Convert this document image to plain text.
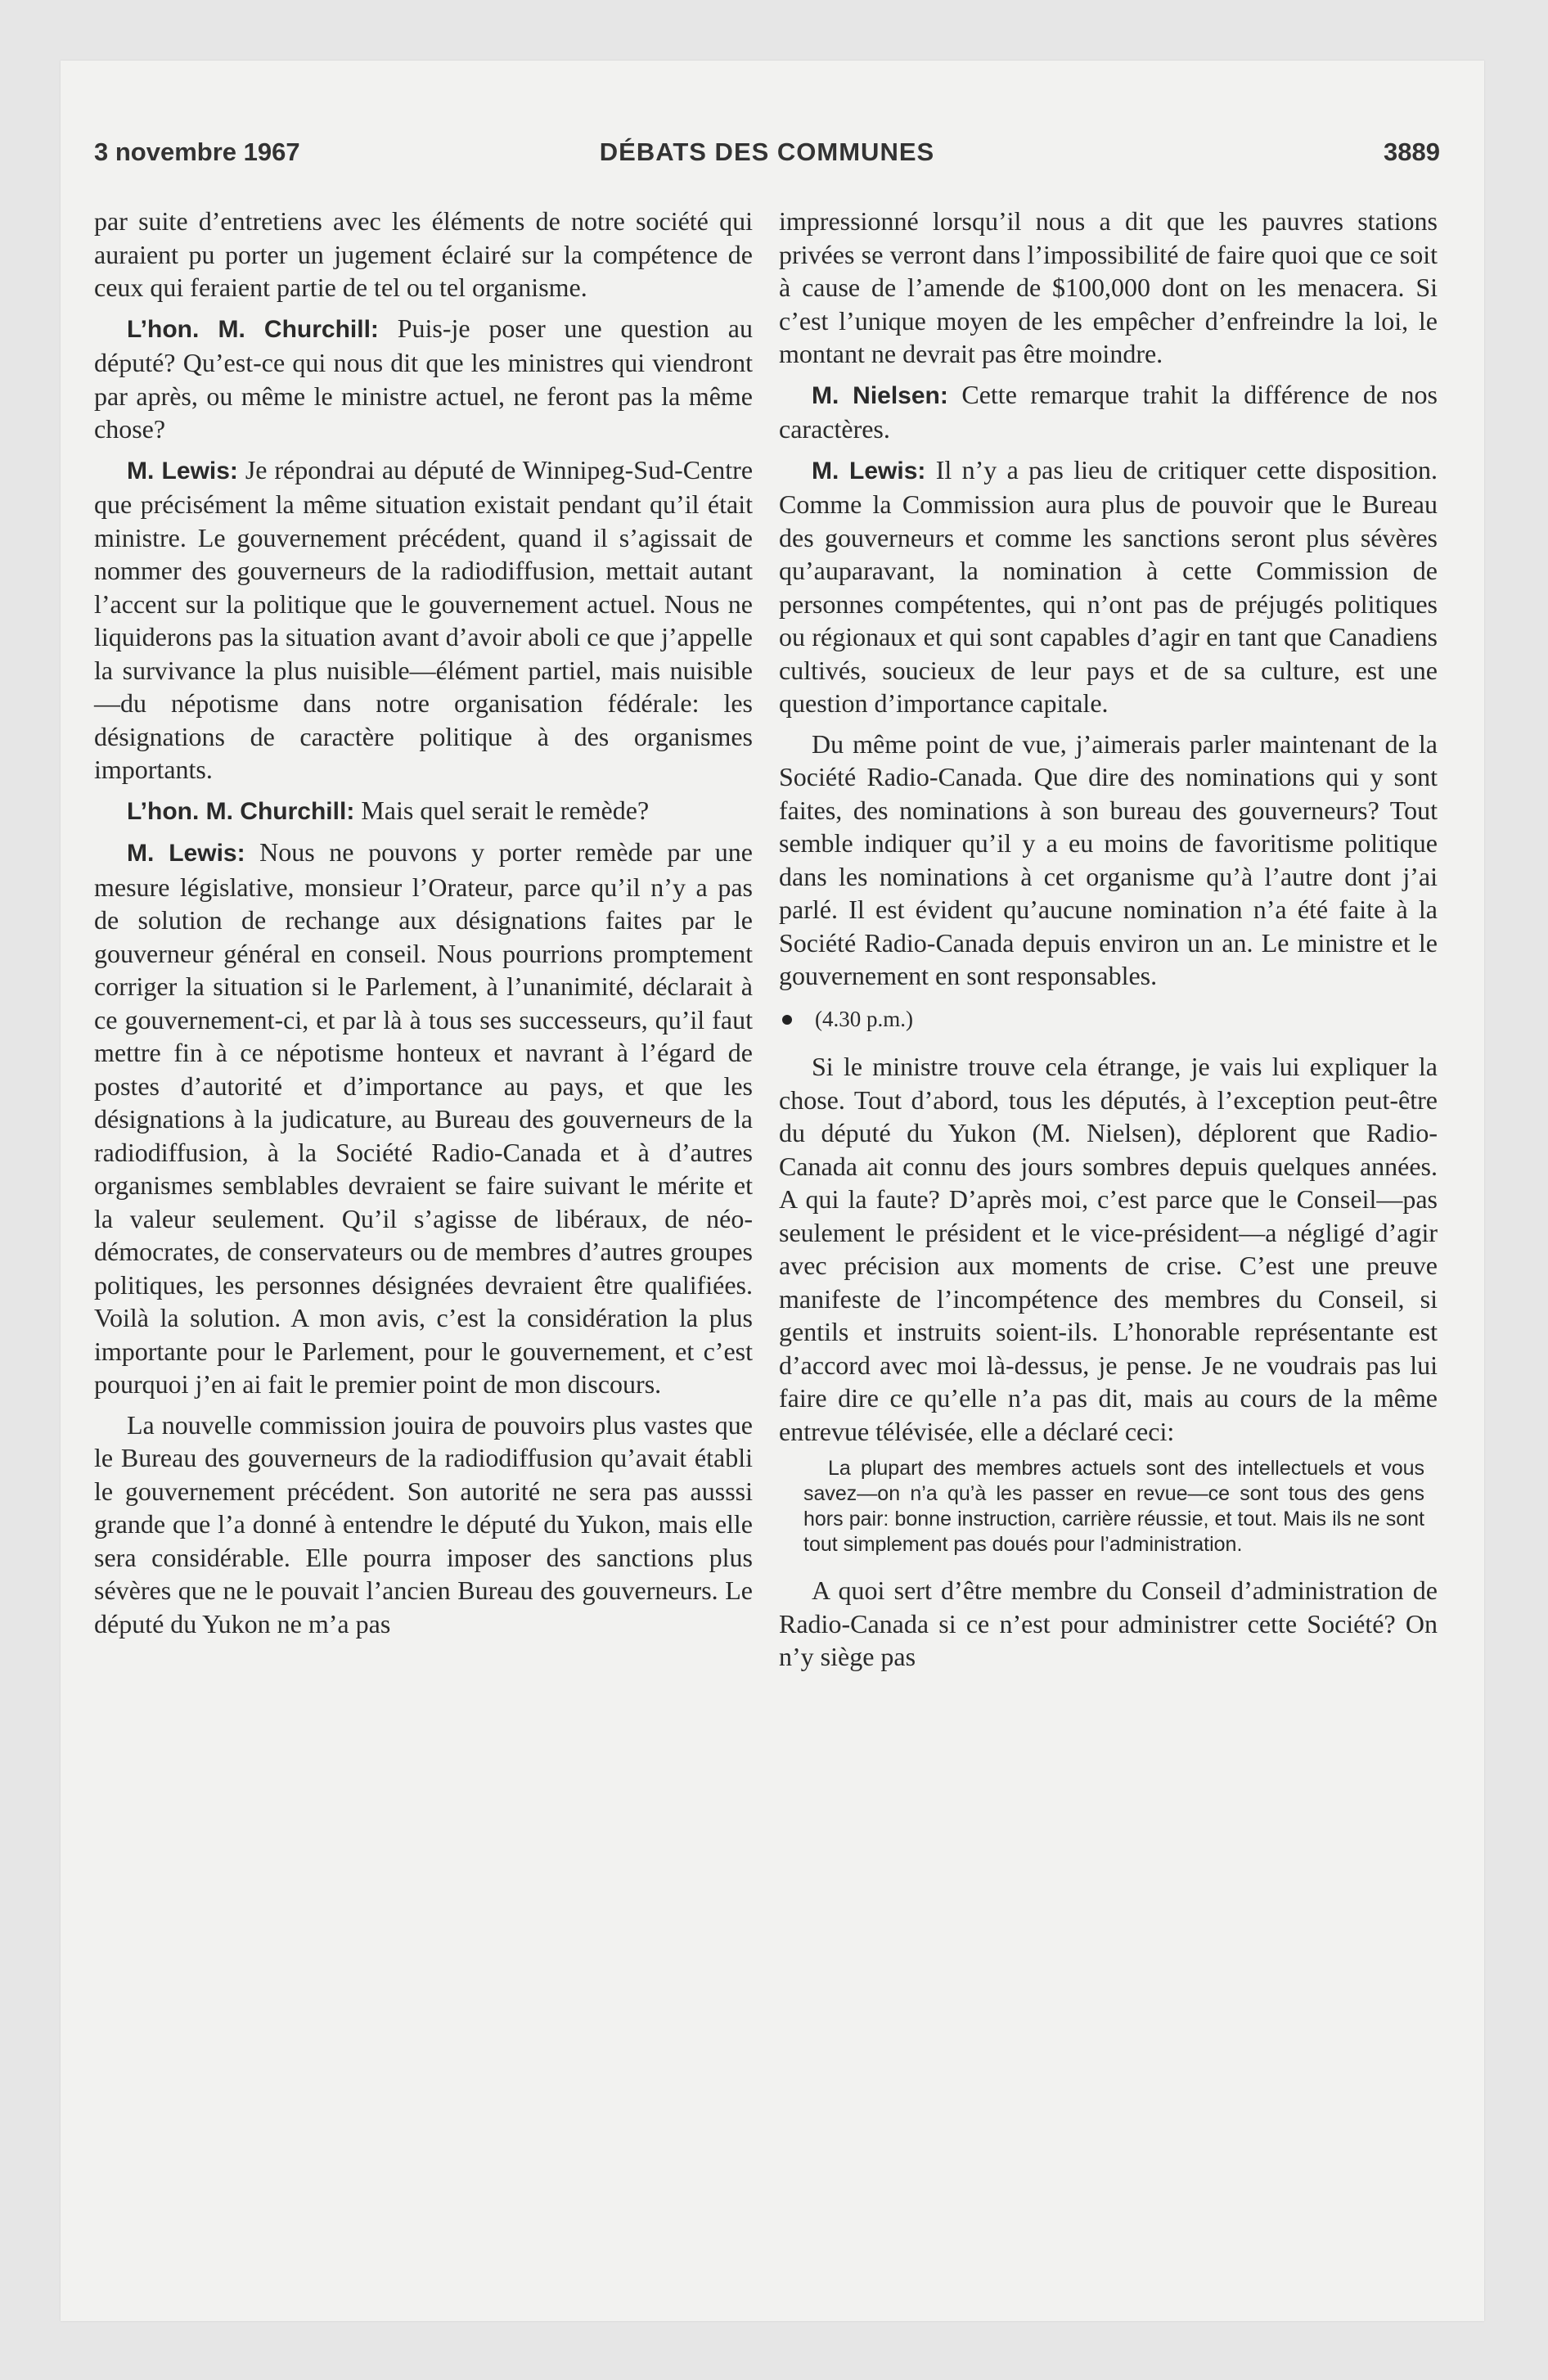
3 novembre 1967	DÉBATS DES COMMUNES	3889

par suite d’entretiens avec les éléments de notre société qui auraient pu porter un jugement éclairé sur la compétence de ceux qui feraient partie de tel ou tel organisme.

L’hon. M. Churchill: Puis-je poser une question au député? Qu’est-ce qui nous dit que les ministres qui viendront par après, ou même le ministre actuel, ne feront pas la même chose?

M. Lewis: Je répondrai au député de Winnipeg-Sud-Centre que précisément la même situation existait pendant qu’il était ministre. Le gouvernement précédent, quand il s’agissait de nommer des gouverneurs de la radiodiffusion, mettait autant l’accent sur la politique que le gouvernement actuel. Nous ne liquiderons pas la situation avant d’avoir aboli ce que j’appelle la survivance la plus nuisible—élément partiel, mais nuisible—du népotisme dans notre organisation fédérale: les désignations de caractère politique à des organismes importants.

L’hon. M. Churchill: Mais quel serait le remède?

M. Lewis: Nous ne pouvons y porter remède par une mesure législative, monsieur l’Orateur, parce qu’il n’y a pas de solution de rechange aux désignations faites par le gouverneur général en conseil. Nous pourrions promptement corriger la situation si le Parlement, à l’unanimité, déclarait à ce gouvernement-ci, et par là à tous ses successeurs, qu’il faut mettre fin à ce népotisme honteux et navrant à l’égard de postes d’autorité et d’importance au pays, et que les désignations à la judicature, au Bureau des gouverneurs de la radiodiffusion, à la Société Radio-Canada et à d’autres organismes semblables devraient se faire suivant le mérite et la valeur seulement. Qu’il s’agisse de libéraux, de néo-démocrates, de conservateurs ou de membres d’autres groupes politiques, les personnes désignées devraient être qualifiées. Voilà la solution. A mon avis, c’est la considération la plus importante pour le Parlement, pour le gouvernement, et c’est pourquoi j’en ai fait le premier point de mon discours.

La nouvelle commission jouira de pouvoirs plus vastes que le Bureau des gouverneurs de la radiodiffusion qu’avait établi le gouvernement précédent. Son autorité ne sera pas ausssi grande que l’a donné à entendre le député du Yukon, mais elle sera considérable. Elle pourra imposer des sanctions plus sévères que ne le pouvait l’ancien Bureau des gouverneurs. Le député du Yukon ne m’a pas

impressionné lorsqu’il nous a dit que les pauvres stations privées se verront dans l’impossibilité de faire quoi que ce soit à cause de l’amende de $100,000 dont on les menacera. Si c’est l’unique moyen de les empêcher d’enfreindre la loi, le montant ne devrait pas être moindre.

M. Nielsen: Cette remarque trahit la différence de nos caractères.

M. Lewis: Il n’y a pas lieu de critiquer cette disposition. Comme la Commission aura plus de pouvoir que le Bureau des gouverneurs et comme les sanctions seront plus sévères qu’auparavant, la nomination à cette Commission de personnes compétentes, qui n’ont pas de préjugés politiques ou régionaux et qui sont capables d’agir en tant que Canadiens cultivés, soucieux de leur pays et de sa culture, est une question d’importance capitale.

Du même point de vue, j’aimerais parler maintenant de la Société Radio-Canada. Que dire des nominations qui y sont faites, des nominations à son bureau des gouverneurs? Tout semble indiquer qu’il y a eu moins de favoritisme politique dans les nominations à cet organisme qu’à l’autre dont j’ai parlé. Il est évident qu’aucune nomination n’a été faite à la Société Radio-Canada depuis environ un an. Le ministre et le gouvernement en sont responsables.

(4.30 p.m.)

Si le ministre trouve cela étrange, je vais lui expliquer la chose. Tout d’abord, tous les députés, à l’exception peut-être du député du Yukon (M. Nielsen), déplorent que Radio-Canada ait connu des jours sombres depuis quelques années. A qui la faute? D’après moi, c’est parce que le Conseil—pas seulement le président et le vice-président—a négligé d’agir avec précision aux moments de crise. C’est une preuve manifeste de l’incompétence des membres du Conseil, si gentils et instruits soient-ils. L’honorable représentante est d’accord avec moi là-dessus, je pense. Je ne voudrais pas lui faire dire ce qu’elle n’a pas dit, mais au cours de la même entrevue télévisée, elle a déclaré ceci:

La plupart des membres actuels sont des intellectuels et vous savez—on n’a qu’à les passer en revue—ce sont tous des gens hors pair: bonne instruction, carrière réussie, et tout. Mais ils ne sont tout simplement pas doués pour l’administration.

A quoi sert d’être membre du Conseil d’administration de Radio-Canada si ce n’est pour administrer cette Société? On n’y siège pas
